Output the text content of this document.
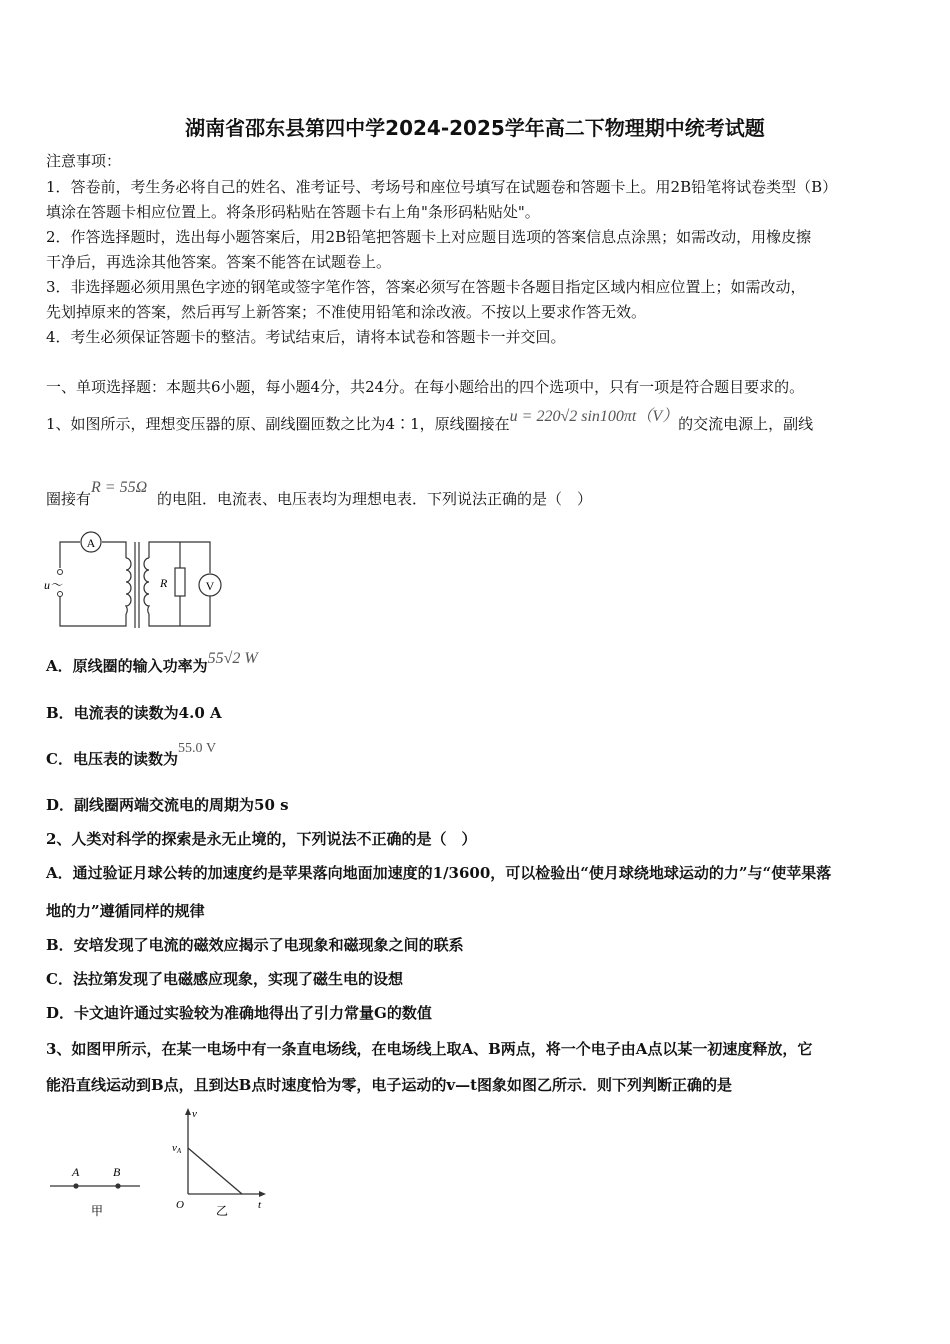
湖南省邵东县第四中学2024-2025学年高二下物理期中统考试题
注意事项：
1．答卷前，考生务必将自己的姓名、准考证号、考场号和座位号填写在试题卷和答题卡上。用2B铅笔将试卷类型（B）
填涂在答题卡相应位置上。将条形码粘贴在答题卡右上角"条形码粘贴处"。
2．作答选择题时，选出每小题答案后，用2B铅笔把答题卡上对应题目选项的答案信息点涂黑；如需改动，用橡皮擦
干净后，再选涂其他答案。答案不能答在试题卷上。
3．非选择题必须用黑色字迹的钢笔或签字笔作答，答案必须写在答题卡各题目指定区域内相应位置上；如需改动，
先划掉原来的答案，然后再写上新答案；不准使用铅笔和涂改液。不按以上要求作答无效。
4．考生必须保证答题卡的整洁。考试结束后，请将本试卷和答题卡一并交回。
一、单项选择题：本题共6小题，每小题4分，共24分。在每小题给出的四个选项中，只有一项是符合题目要求的。
1、如图所示，理想变压器的原、副线圈匝数之比为4∶1，原线圈接在u = 220√2 sin100πt（V）的交流电源上，副线
圈接有R = 55Ω的电阻．电流表、电压表均为理想电表．下列说法正确的是（　）
A
V
R
u～
A．原线圈的输入功率为55√2 W
B．电流表的读数为4.0 A
C．电压表的读数为55.0 V
D．副线圈两端交流电的周期为50 s
2、人类对科学的探索是永无止境的，下列说法不正确的是（　）
A．通过验证月球公转的加速度约是苹果落向地面加速度的1/3600，可以检验出“使月球绕地球运动的力”与“使苹果落
地的力”遵循同样的规律
B．安培发现了电流的磁效应揭示了电现象和磁现象之间的联系
C．法拉第发现了电磁感应现象，实现了磁生电的设想
D．卡文迪许通过实验较为准确地得出了引力常量G的数值
3、如图甲所示，在某一电场中有一条直电场线，在电场线上取A、B两点，将一个电子由A点以某一初速度释放，它
能沿直线运动到B点，且到达B点时速度恰为零，电子运动的v—t图象如图乙所示．则下列判断正确的是
A	B
甲
v
vA
O	t
乙
